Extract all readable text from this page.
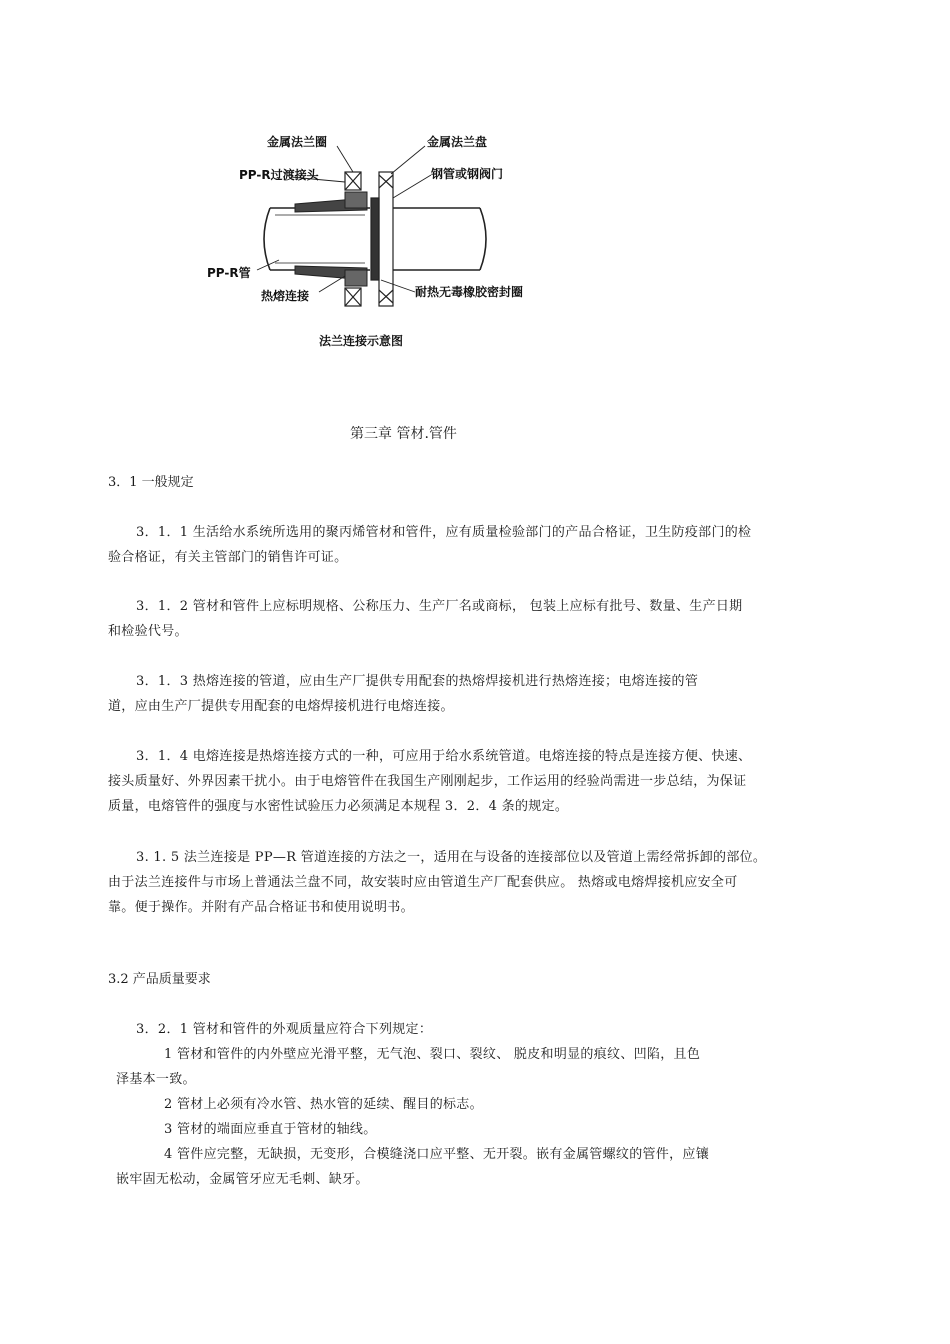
金属法兰圈
PP-R过渡接头
PP-R管
热熔连接
金属法兰盘
钢管或钢阀门
耐热无毒橡胶密封圈
法兰连接示意图
第三章 管材.管件
3．1 一般规定
3．1．1 生活给水系统所选用的聚丙烯管材和管件，应有质量检验部门的产品合格证，卫生防疫部门的检
验合格证，有关主管部门的销售许可证。
3．1．2 管材和管件上应标明规格、公称压力、生产厂名或商标， 包装上应标有批号、数量、生产日期
和检验代号。
3．1．3 热熔连接的管道，应由生产厂提供专用配套的热熔焊接机进行热熔连接；电熔连接的管
道，应由生产厂提供专用配套的电熔焊接机进行电熔连接。
3．1．4 电熔连接是热熔连接方式的一种，可应用于给水系统管道。电熔连接的特点是连接方便、快速、
接头质量好、外界因素干扰小。由于电熔管件在我国生产刚刚起步，工作运用的经验尚需进一步总结，为保证
质量，电熔管件的强度与水密性试验压力必须满足本规程 3．2．4 条的规定。
3. 1. 5 法兰连接是 PP—R 管道连接的方法之一，适用在与设备的连接部位以及管道上需经常拆卸的部位。
由于法兰连接件与市场上普通法兰盘不同，故安装时应由管道生产厂配套供应。 热熔或电熔焊接机应安全可
靠。便于操作。并附有产品合格证书和使用说明书。
3.2 产品质量要求
3．2．1 管材和管件的外观质量应符合下列规定：
1 管材和管件的内外壁应光滑平整，无气泡、裂口、裂纹、 脱皮和明显的痕纹、凹陷，且色
泽基本一致。
2 管材上必须有冷水管、热水管的延续、醒目的标志。
3 管材的端面应垂直于管材的轴线。
4 管件应完整，无缺损，无变形，合模缝浇口应平整、无开裂。嵌有金属管螺纹的管件，应镶
嵌牢固无松动，金属管牙应无毛刺、缺牙。
